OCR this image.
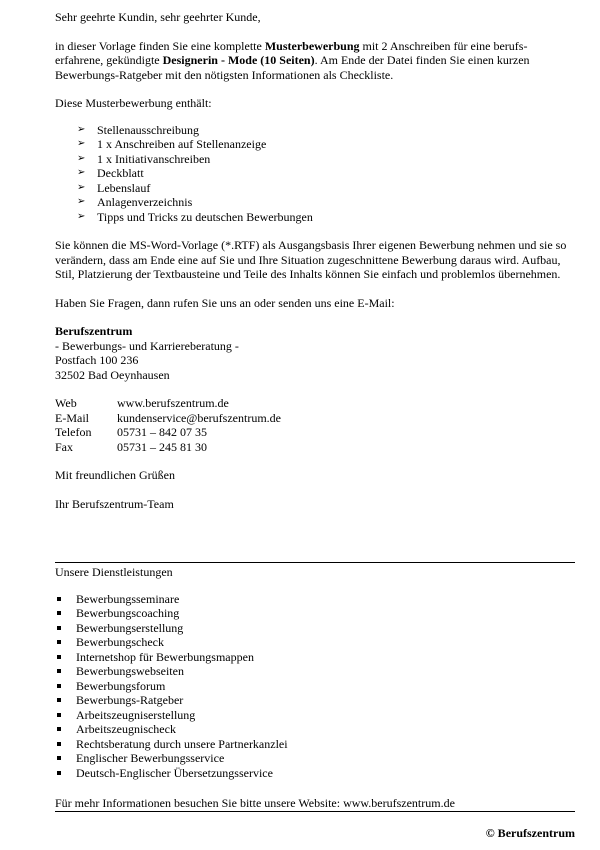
Sehr geehrte Kundin, sehr geehrter Kunde,

in dieser Vorlage finden Sie eine komplette Musterbewerbung mit 2 Anschreiben für eine berufs-erfahrene, gekündigte Designerin - Mode (10 Seiten). Am Ende der Datei finden Sie einen kurzen Bewerbungs-Ratgeber mit den nötigsten Informationen als Checkliste.

Diese Musterbewerbung enthält:

➢ Stellenausschreibung
➢ 1 x Anschreiben auf Stellenanzeige
➢ 1 x Initiativanschreiben
➢ Deckblatt
➢ Lebenslauf
➢ Anlagenverzeichnis
➢ Tipps und Tricks zu deutschen Bewerbungen

Sie können die MS-Word-Vorlage (*.RTF) als Ausgangsbasis Ihrer eigenen Bewerbung nehmen und sie so verändern, dass am Ende eine auf Sie und Ihre Situation zugeschnittene Bewerbung daraus wird. Aufbau, Stil, Platzierung der Textbausteine und Teile des Inhalts können Sie einfach und problemlos übernehmen.

Haben Sie Fragen, dann rufen Sie uns an oder senden uns eine E-Mail:

Berufszentrum

- Bewerbungs- und Karriereberatung -

Postfach 100 236

32502 Bad Oeynhausen

Web	www.berufszentrum.de
E-Mail	kundenservice@berufszentrum.de
Telefon	05731 – 842 07 35
Fax	05731 – 245 81 30

Mit freundlichen Grüßen

Ihr Berufszentrum-Team

Unsere Dienstleistungen

Bewerbungsseminare
Bewerbungscoaching
Bewerbungserstellung
Bewerbungscheck
Internetshop für Bewerbungsmappen
Bewerbungswebseiten
Bewerbungsforum
Bewerbungs-Ratgeber
Arbeitszeugniserstellung
Arbeitszeugnischeck
Rechtsberatung durch unsere Partnerkanzlei
Englischer Bewerbungsservice
Deutsch-Englischer Übersetzungsservice

Für mehr Informationen besuchen Sie bitte unsere Website: www.berufszentrum.de

© Berufszentrum
